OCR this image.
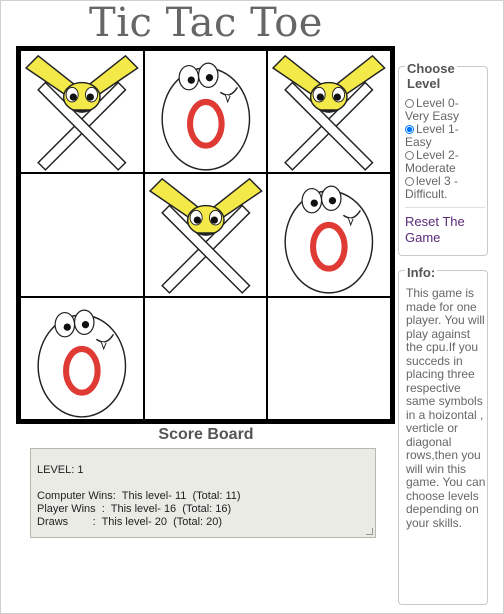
Tic Tac Toe
Score Board

LEVEL: 1
Computer Wins:  This level- 11  (Total: 11)
Player Wins  :  This level- 16  (Total: 16)
Draws        :  This level- 20  (Total: 20)

Choose
Level
Level 0- Very Easy
Level 1- Easy
Level 2- Moderate
level 3 - Difficult.
Reset The Game
Info:
This game is made for one player. You will play against the cpu.If you succeds in placing three respective same symbols in a hoizontal , verticle or diagonal rows,then you will win this game. You can choose levels depending on your skills.
